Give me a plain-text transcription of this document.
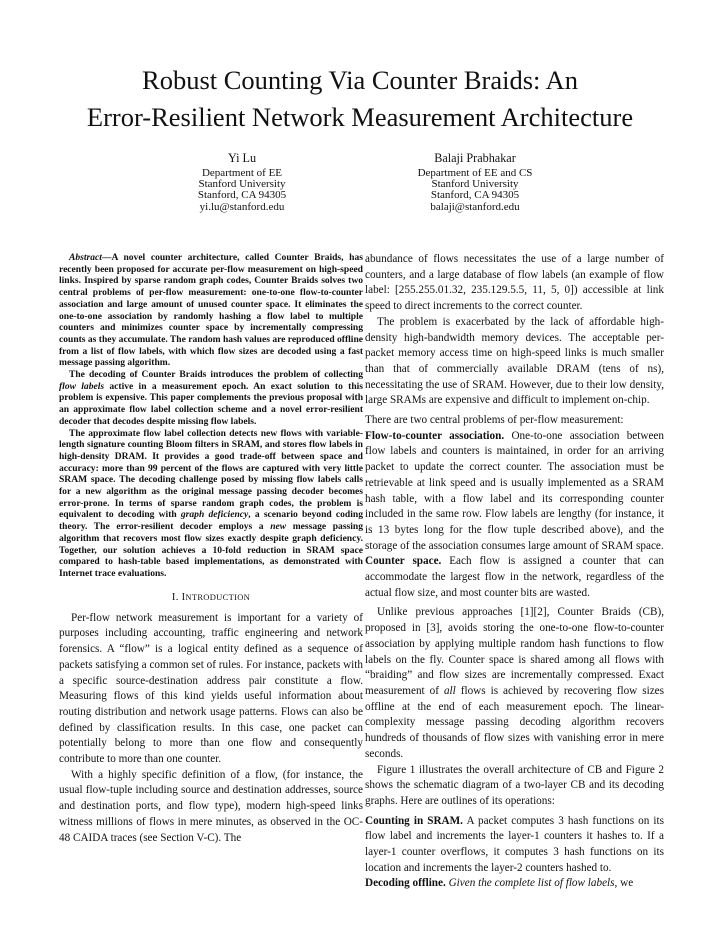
Robust Counting Via Counter Braids: An
Error-Resilient Network Measurement Architecture
Yi Lu
Department of EE
Stanford University
Stanford, CA 94305
yi.lu@stanford.edu
Balaji Prabhakar
Department of EE and CS
Stanford University
Stanford, CA 94305
balaji@stanford.edu

Abstract—A novel counter architecture, called Counter Braids, has recently been proposed for accurate per-flow measurement on high-speed links. Inspired by sparse random graph codes, Counter Braids solves two central problems of per-flow measurement: one-to-one flow-to-counter association and large amount of unused counter space. It eliminates the one-to-one association by randomly hashing a flow label to multiple counters and minimizes counter space by incrementally compressing counts as they accumulate. The random hash values are reproduced offline from a list of flow labels, with which flow sizes are decoded using a fast message passing algorithm.

The decoding of Counter Braids introduces the problem of collecting flow labels active in a measurement epoch. An exact solution to this problem is expensive. This paper complements the previous proposal with an approximate flow label collection scheme and a novel error-resilient decoder that decodes despite missing flow labels.

The approximate flow label collection detects new flows with variable-length signature counting Bloom filters in SRAM, and stores flow labels in high-density DRAM. It provides a good trade-off between space and accuracy: more than 99 percent of the flows are captured with very little SRAM space. The decoding challenge posed by missing flow labels calls for a new algorithm as the original message passing decoder becomes error-prone. In terms of sparse random graph codes, the problem is equivalent to decoding with graph deficiency, a scenario beyond coding theory. The error-resilient decoder employs a new message passing algorithm that recovers most flow sizes exactly despite graph deficiency. Together, our solution achieves a 10-fold reduction in SRAM space compared to hash-table based implementations, as demonstrated with Internet trace evaluations.

I. INTRODUCTION

Per-flow network measurement is important for a variety of purposes including accounting, traffic engineering and network forensics. A “flow” is a logical entity defined as a sequence of packets satisfying a common set of rules. For instance, packets with a specific source-destination address pair constitute a flow. Measuring flows of this kind yields useful information about routing distribution and network usage patterns. Flows can also be defined by classification results. In this case, one packet can potentially belong to more than one flow and consequently contribute to more than one counter.

With a highly specific definition of a flow, (for instance, the usual flow-tuple including source and destination addresses, source and destination ports, and flow type), modern high-speed links witness millions of flows in mere minutes, as observed in the OC-48 CAIDA traces (see Section V-C). The

abundance of flows necessitates the use of a large number of counters, and a large database of flow labels (an example of flow label: [255.255.01.32, 235.129.5.5, 11, 5, 0]) accessible at link speed to direct increments to the correct counter.

The problem is exacerbated by the lack of affordable high-density high-bandwidth memory devices. The acceptable per-packet memory access time on high-speed links is much smaller than that of commercially available DRAM (tens of ns), necessitating the use of SRAM. However, due to their low density, large SRAMs are expensive and difficult to implement on-chip.

There are two central problems of per-flow measurement:

Flow-to-counter association. One-to-one association between flow labels and counters is maintained, in order for an arriving packet to update the correct counter. The association must be retrievable at link speed and is usually implemented as a SRAM hash table, with a flow label and its corresponding counter included in the same row. Flow labels are lengthy (for instance, it is 13 bytes long for the flow tuple described above), and the storage of the association consumes large amount of SRAM space.

Counter space. Each flow is assigned a counter that can accommodate the largest flow in the network, regardless of the actual flow size, and most counter bits are wasted.

Unlike previous approaches [1][2], Counter Braids (CB), proposed in [3], avoids storing the one-to-one flow-to-counter association by applying multiple random hash functions to flow labels on the fly. Counter space is shared among all flows with “braiding” and flow sizes are incrementally compressed. Exact measurement of all flows is achieved by recovering flow sizes offline at the end of each measurement epoch. The linear-complexity message passing decoding algorithm recovers hundreds of thousands of flow sizes with vanishing error in mere seconds.

Figure 1 illustrates the overall architecture of CB and Figure 2 shows the schematic diagram of a two-layer CB and its decoding graphs. Here are outlines of its operations:

Counting in SRAM. A packet computes 3 hash functions on its flow label and increments the layer-1 counters it hashes to. If a layer-1 counter overflows, it computes 3 hash functions on its location and increments the layer-2 counters hashed to.

Decoding offline. Given the complete list of flow labels, we
